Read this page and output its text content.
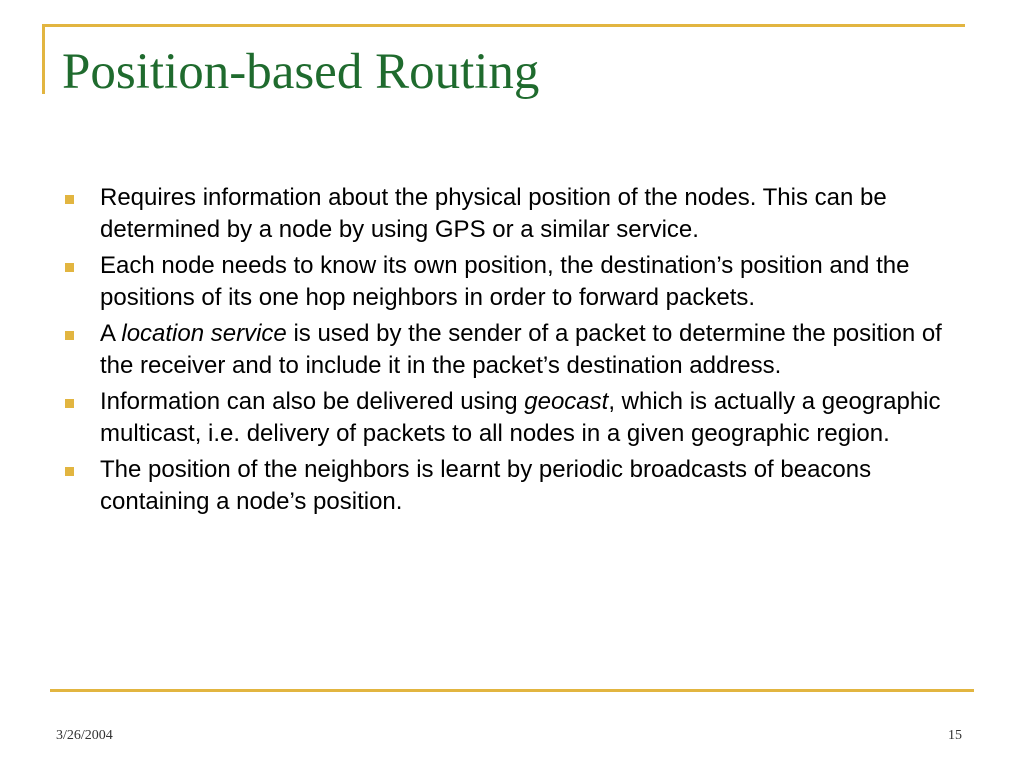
Position-based Routing
Requires information about the physical position of the nodes. This can be determined by a node by using GPS or a similar service.
Each node needs to know its own position, the destination’s position and the positions of its one hop neighbors in order to forward packets.
A location service is used by the sender of a packet to determine the position of the receiver and to include it in the packet’s destination address.
Information can also be delivered using geocast, which is actually a geographic multicast, i.e. delivery of packets to all nodes in a given geographic region.
The position of the neighbors is learnt by periodic broadcasts of beacons containing a node’s position.
3/26/2004	15
